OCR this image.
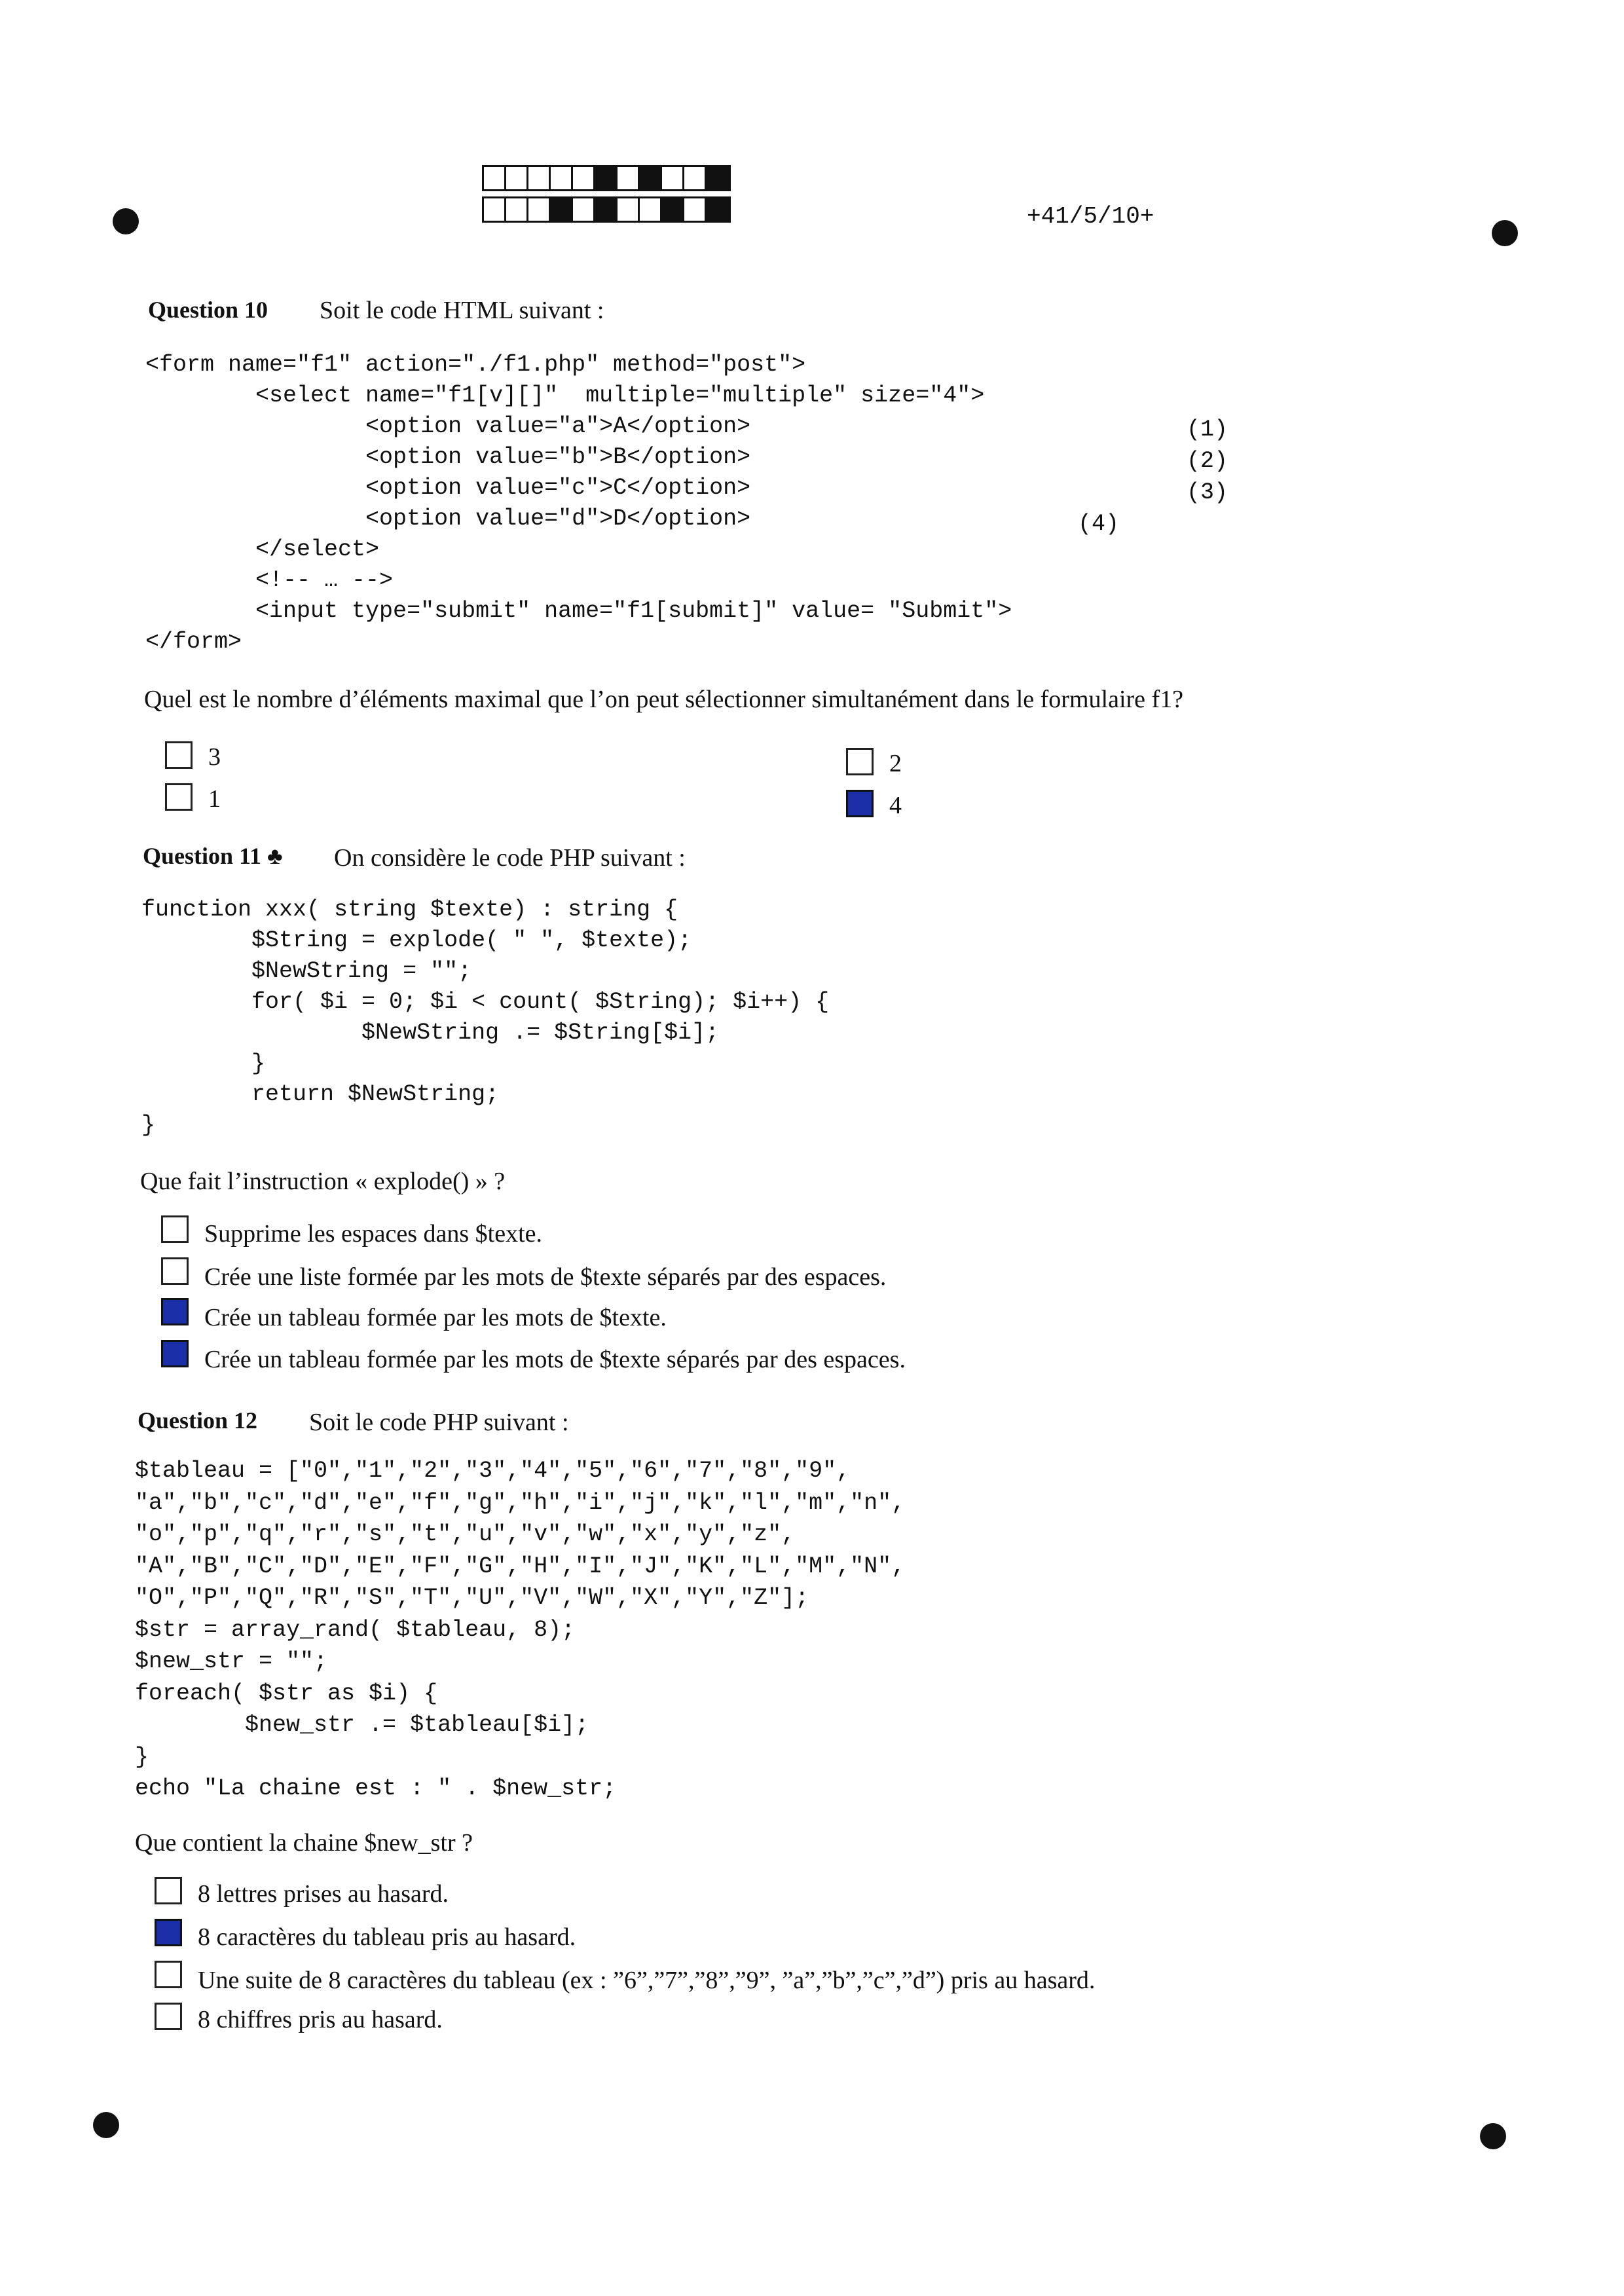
+41/5/10+
Question 10 Soit le code HTML suivant :
<form name="f1" action="./f1.php" method="post">
<select name="f1[v][]"  multiple="multiple" size="4">
<option value="a">A</option>
<option value="b">B</option>
<option value="c">C</option>
<option value="d">D</option>
</select>
<!-- … -->
<input type="submit" name="f1[submit]" value= "Submit">
</form>
(1)
(2)
(3)
(4)
Quel est le nombre d’éléments maximal que l’on peut sélectionner simultanément dans le formulaire f1?
3
1
2
4
Question 11 ♣ On considère le code PHP suivant :
function xxx( string $texte) : string {
$String = explode( " ", $texte);
$NewString = "";
for( $i = 0; $i < count( $String); $i++) {
$NewString .= $String[$i];
}
return $NewString;
}
Que fait l’instruction « explode() » ?
Supprime les espaces dans $texte.
Crée une liste formée par les mots de $texte séparés par des espaces.
Crée un tableau formée par les mots de $texte.
Crée un tableau formée par les mots de $texte séparés par des espaces.
Question 12 Soit le code PHP suivant :
$tableau = ["0","1","2","3","4","5","6","7","8","9",
"a","b","c","d","e","f","g","h","i","j","k","l","m","n",
"o","p","q","r","s","t","u","v","w","x","y","z",
"A","B","C","D","E","F","G","H","I","J","K","L","M","N",
"O","P","Q","R","S","T","U","V","W","X","Y","Z"];
$str = array_rand( $tableau, 8);
$new_str = "";
foreach( $str as $i) {
$new_str .= $tableau[$i];
}
echo "La chaine est : " . $new_str;
Que contient la chaine $new_str ?
8 lettres prises au hasard.
8 caractères du tableau pris au hasard.
Une suite de 8 caractères du tableau (ex : ”6”,”7”,”8”,”9”, ”a”,”b”,”c”,”d”) pris au hasard.
8 chiffres pris au hasard.
